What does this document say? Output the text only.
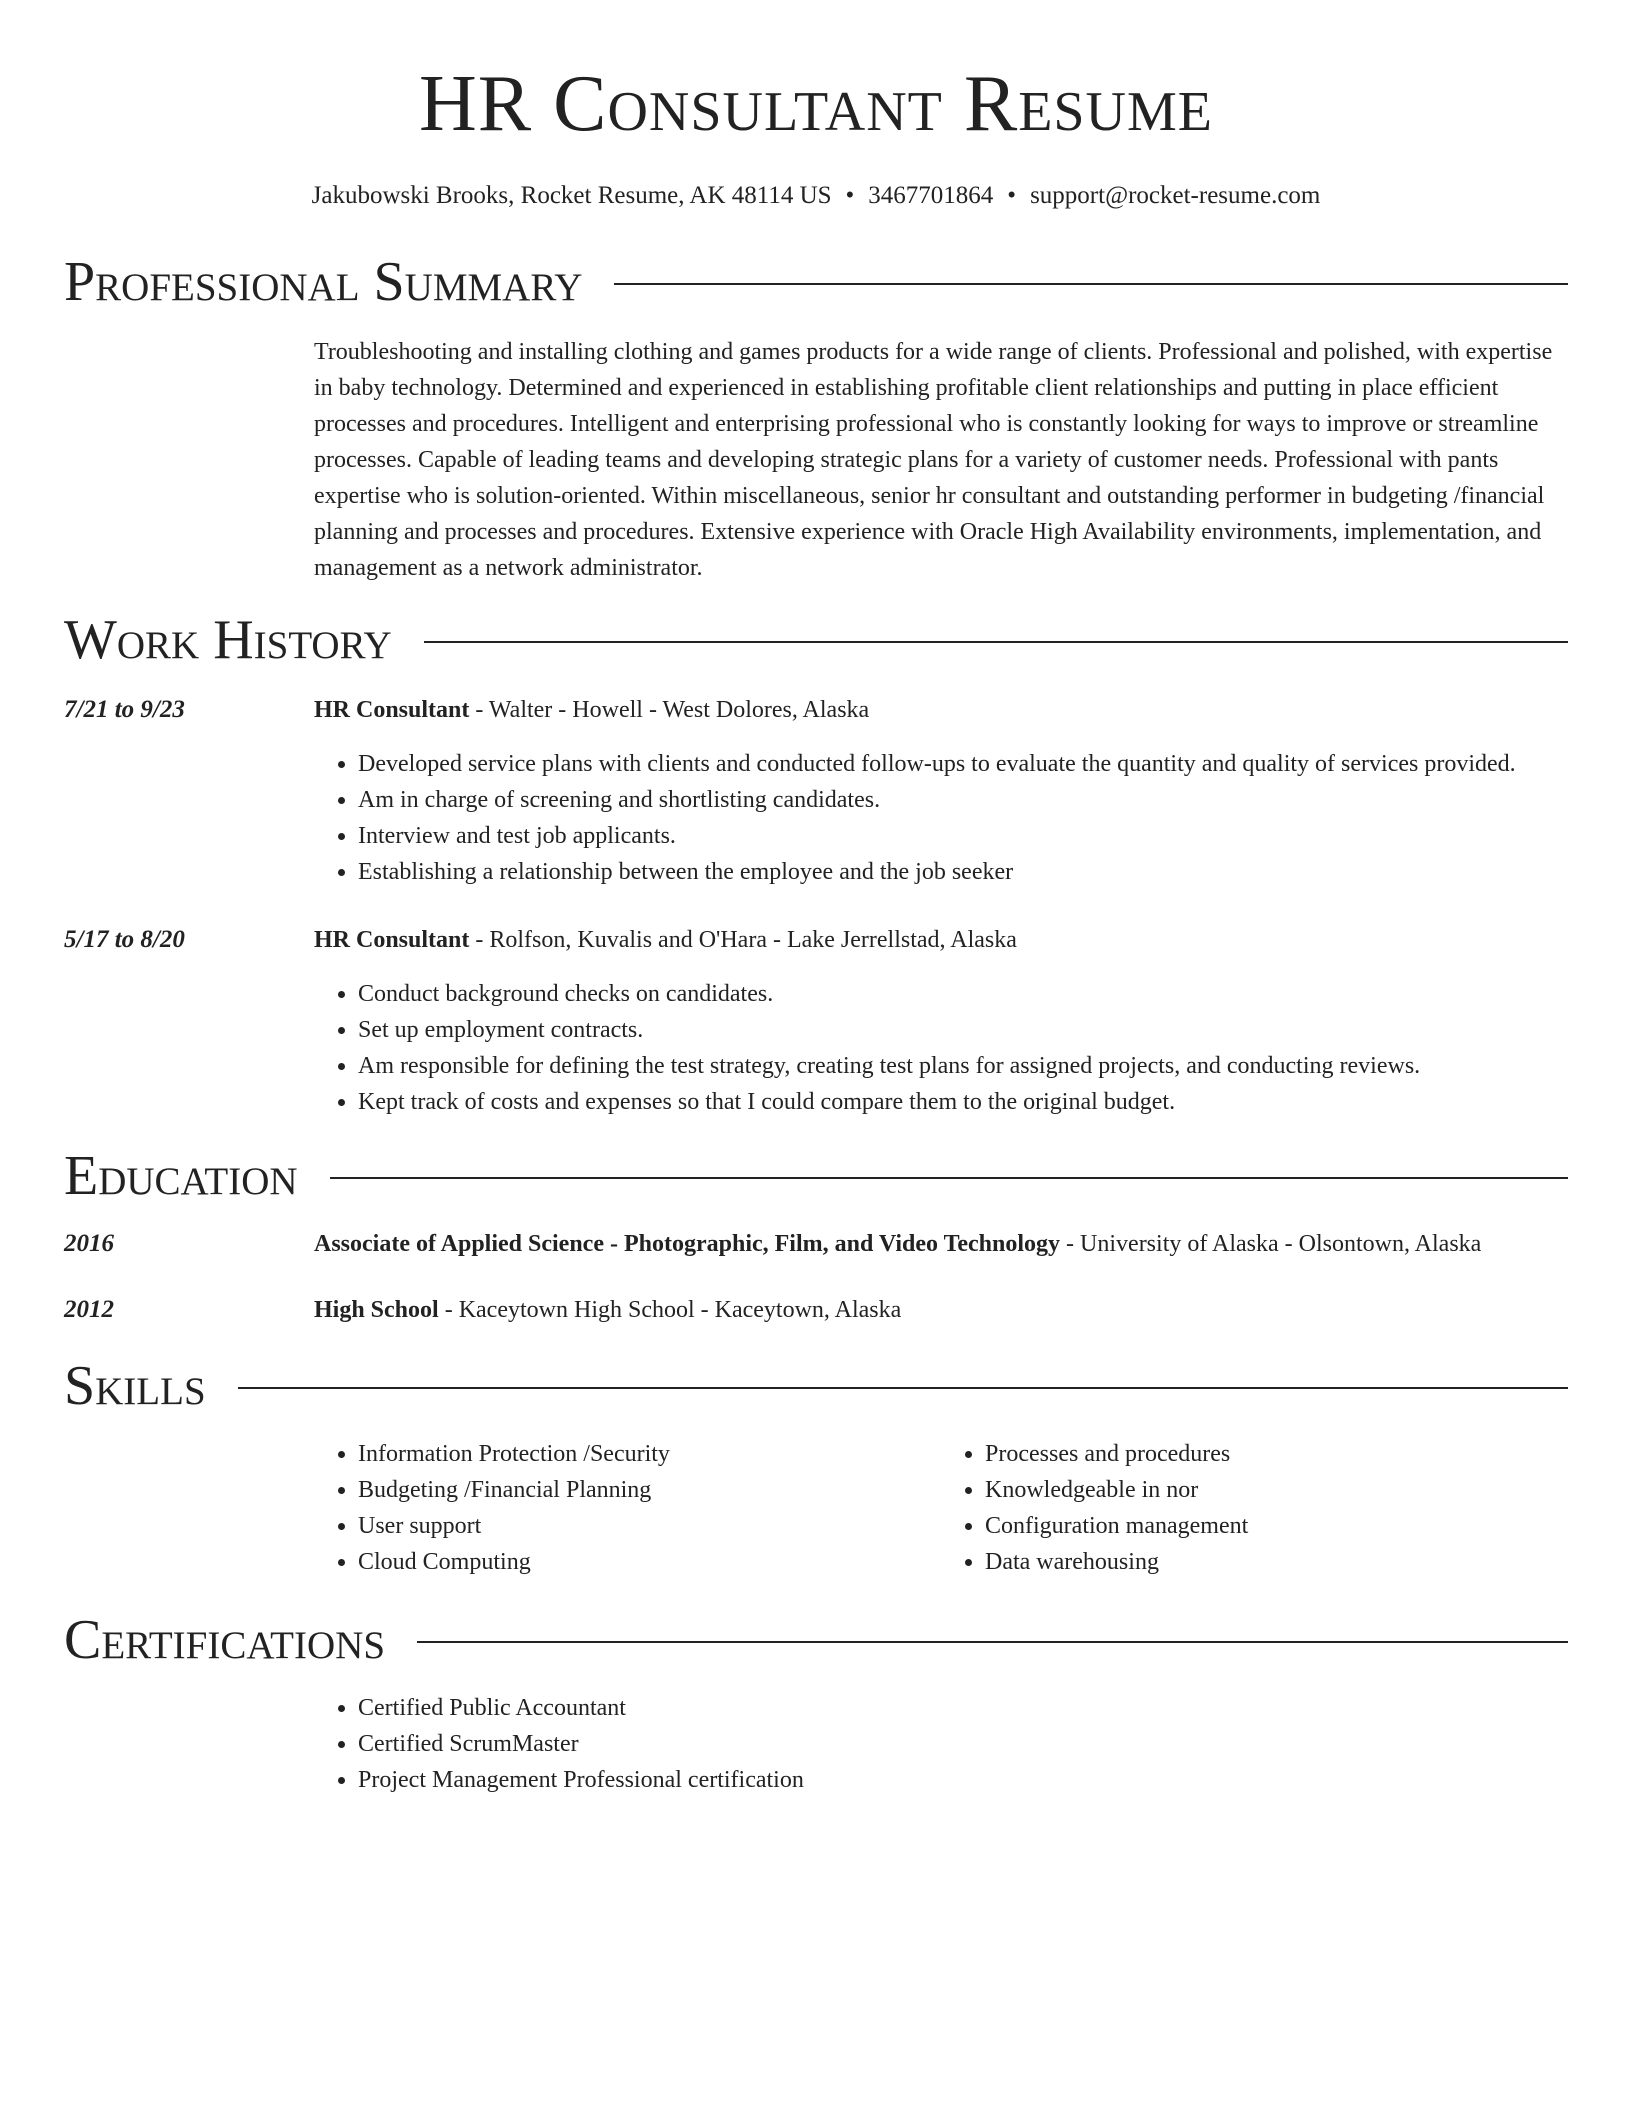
HR Consultant Resume
Jakubowski Brooks, Rocket Resume, AK 48114 US • 3467701864 • support@rocket-resume.com
Professional Summary
Troubleshooting and installing clothing and games products for a wide range of clients. Professional and polished, with expertise in baby technology. Determined and experienced in establishing profitable client relationships and putting in place efficient processes and procedures. Intelligent and enterprising professional who is constantly looking for ways to improve or streamline processes. Capable of leading teams and developing strategic plans for a variety of customer needs. Professional with pants expertise who is solution-oriented. Within miscellaneous, senior hr consultant and outstanding performer in budgeting /financial planning and processes and procedures. Extensive experience with Oracle High Availability environments, implementation, and management as a network administrator.
Work History
7/21 to 9/23	HR Consultant - Walter - Howell - West Dolores, Alaska
• Developed service plans with clients and conducted follow-ups to evaluate the quantity and quality of services provided.
• Am in charge of screening and shortlisting candidates.
• Interview and test job applicants.
• Establishing a relationship between the employee and the job seeker
5/17 to 8/20	HR Consultant - Rolfson, Kuvalis and O'Hara - Lake Jerrellstad, Alaska
• Conduct background checks on candidates.
• Set up employment contracts.
• Am responsible for defining the test strategy, creating test plans for assigned projects, and conducting reviews.
• Kept track of costs and expenses so that I could compare them to the original budget.
Education
2016	Associate of Applied Science - Photographic, Film, and Video Technology - University of Alaska - Olsontown, Alaska
2012	High School - Kaceytown High School - Kaceytown, Alaska
Skills
• Information Protection /Security
• Budgeting /Financial Planning
• User support
• Cloud Computing
• Processes and procedures
• Knowledgeable in nor
• Configuration management
• Data warehousing
Certifications
• Certified Public Accountant
• Certified ScrumMaster
• Project Management Professional certification
